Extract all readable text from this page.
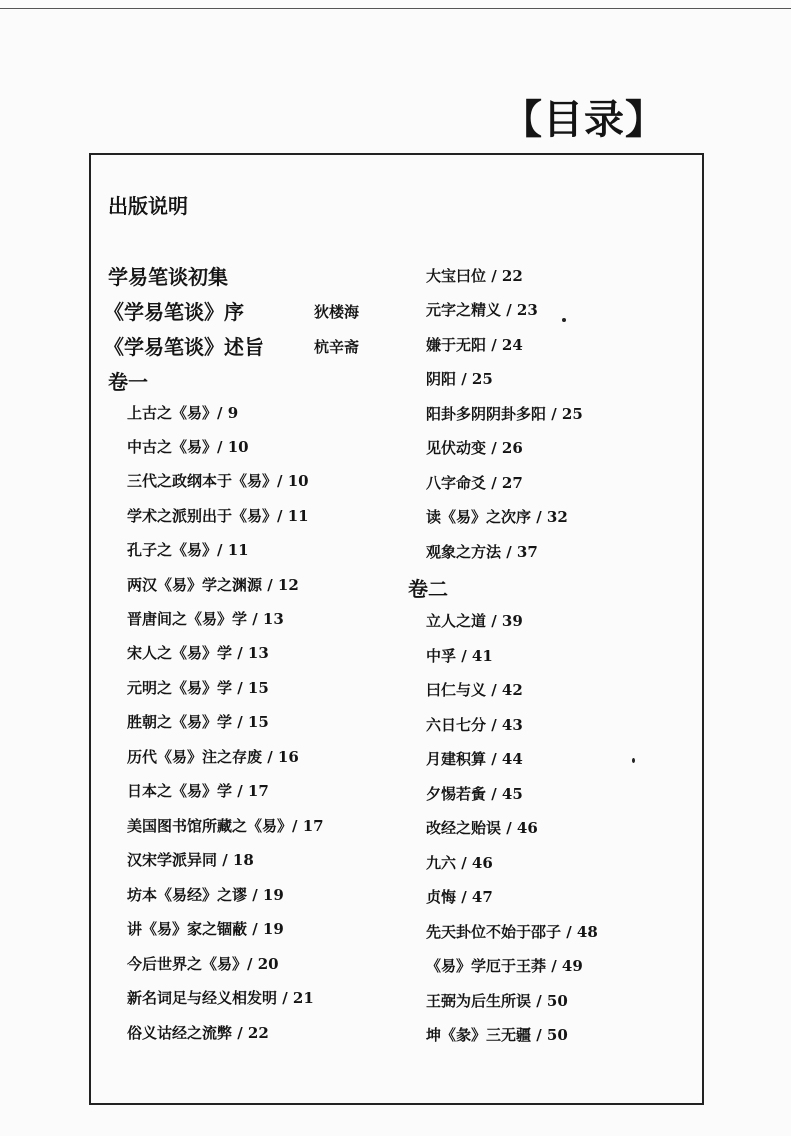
【目录】
出版说明
学易笔谈初集
《学易笔谈》序	狄楼海
《学易笔谈》述旨	杭辛斋
卷一
上古之《易》/ 9
中古之《易》/ 10
三代之政纲本于《易》/ 10
学术之派别出于《易》/ 11
孔子之《易》/ 11
两汉《易》学之渊源 / 12
晋唐间之《易》学 / 13
宋人之《易》学 / 13
元明之《易》学 / 15
胜朝之《易》学 / 15
历代《易》注之存废 / 16
日本之《易》学 / 17
美国图书馆所藏之《易》/ 17
汉宋学派异同 / 18
坊本《易经》之谬 / 19
讲《易》家之锢蔽 / 19
今后世界之《易》/ 20
新名词足与经义相发明 / 21
俗义诂经之流弊 / 22
大宝曰位 / 22
元字之精义 / 23
嫌于无阳 / 24
阴阳 / 25
阳卦多阴阴卦多阳 / 25
见伏动变 / 26
八字命爻 / 27
读《易》之次序 / 32
观象之方法 / 37
卷二
立人之道 / 39
中孚 / 41
曰仁与义 / 42
六日七分 / 43
月建积算 / 44
夕惕若夤 / 45
改经之贻误 / 46
九六 / 46
贞悔 / 47
先天卦位不始于邵子 / 48
《易》学厄于王莽 / 49
王弼为后生所误 / 50
坤《彖》三无疆 / 50
